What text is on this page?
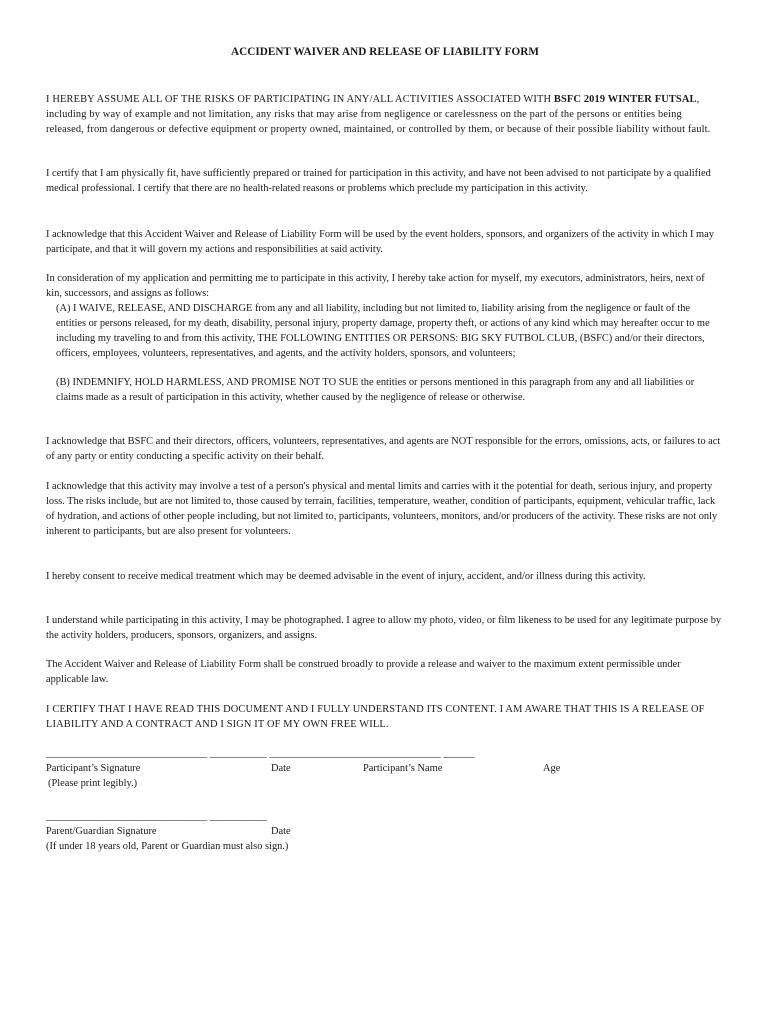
ACCIDENT WAIVER AND RELEASE OF LIABILITY FORM

I HEREBY ASSUME ALL OF THE RISKS OF PARTICIPATING IN ANY/ALL ACTIVITIES ASSOCIATED WITH BSFC 2019 WINTER FUTSAL, including by way of example and not limitation, any risks that may arise from negligence or carelessness on the part of the persons or entities being released, from dangerous or defective equipment or property owned, maintained, or controlled by them, or because of their possible liability without fault.

I certify that I am physically fit, have sufficiently prepared or trained for participation in this activity, and have not been advised to not participate by a qualified medical professional. I certify that there are no health-related reasons or problems which preclude my participation in this activity.

I acknowledge that this Accident Waiver and Release of Liability Form will be used by the event holders, sponsors, and organizers of the activity in which I may participate, and that it will govern my actions and responsibilities at said activity.

In consideration of my application and permitting me to participate in this activity, I hereby take action for myself, my executors, administrators, heirs, next of kin, successors, and assigns as follows:

(A) I WAIVE, RELEASE, AND DISCHARGE from any and all liability, including but not limited to, liability arising from the negligence or fault of the entities or persons released, for my death, disability, personal injury, property damage, property theft, or actions of any kind which may hereafter occur to me including my traveling to and from this activity, THE FOLLOWING ENTITIES OR PERSONS: BIG SKY FUTBOL CLUB, (BSFC) and/or their directors, officers, employees, volunteers, representatives, and agents, and the activity holders, sponsors, and volunteers;

(B) INDEMNIFY, HOLD HARMLESS, AND PROMISE NOT TO SUE the entities or persons mentioned in this paragraph from any and all liabilities or claims made as a result of participation in this activity, whether caused by the negligence of release or otherwise.

I acknowledge that BSFC and their directors, officers, volunteers, representatives, and agents are NOT responsible for the errors, omissions, acts, or failures to act of any party or entity conducting a specific activity on their behalf.

I acknowledge that this activity may involve a test of a person's physical and mental limits and carries with it the potential for death, serious injury, and property loss. The risks include, but are not limited to, those caused by terrain, facilities, temperature, weather, condition of participants, equipment, vehicular traffic, lack of hydration, and actions of other people including, but not limited to, participants, volunteers, monitors, and/or producers of the activity. These risks are not only inherent to participants, but are also present for volunteers.

I hereby consent to receive medical treatment which may be deemed advisable in the event of injury, accident, and/or illness during this activity.

I understand while participating in this activity, I may be photographed. I agree to allow my photo, video, or film likeness to be used for any legitimate purpose by the activity holders, producers, sponsors, organizers, and assigns.

The Accident Waiver and Release of Liability Form shall be construed broadly to provide a release and waiver to the maximum extent permissible under applicable law.

I CERTIFY THAT I HAVE READ THIS DOCUMENT AND I FULLY UNDERSTAND ITS CONTENT. I AM AWARE THAT THIS IS A RELEASE OF LIABILITY AND A CONTRACT AND I SIGN IT OF MY OWN FREE WILL.

_______________________________ ___________ _________________________________ ______
Participant’s Signature	Date	Participant’s Name	Age
(Please print legibly.)
_______________________________ ___________
Parent/Guardian Signature	Date
(If under 18 years old, Parent or Guardian must also sign.)
